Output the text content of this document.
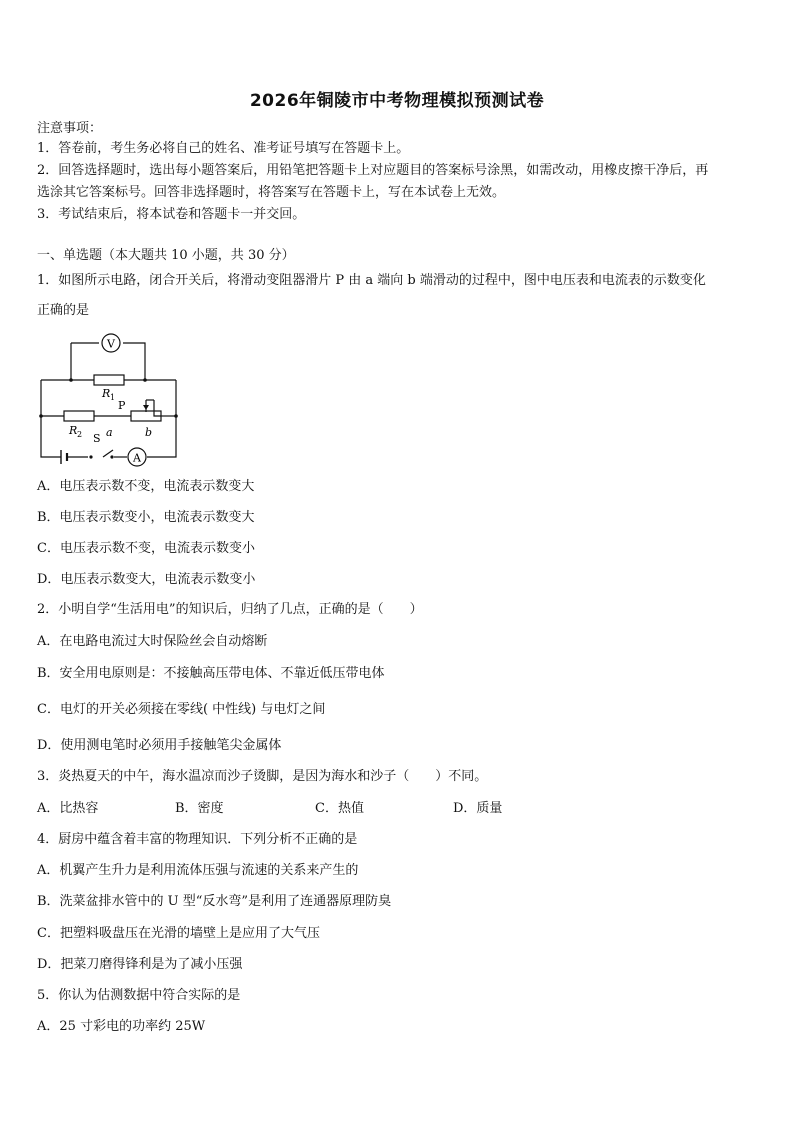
2026年铜陵市中考物理模拟预测试卷
注意事项：
1．答卷前，考生务必将自己的姓名、准考证号填写在答题卡上。
2．回答选择题时，选出每小题答案后，用铅笔把答题卡上对应题目的答案标号涂黑，如需改动，用橡皮擦干净后，再
选涂其它答案标号。回答非选择题时，将答案写在答题卡上，写在本试卷上无效。
3．考试结束后，将本试卷和答题卡一并交回。
一、单选题（本大题共 10 小题，共 30 分）
1．如图所示电路，闭合开关后，将滑动变阻器滑片 P 由 a 端向 b 端滑动的过程中，图中电压表和电流表的示数变化
正确的是
V
A
R 1
R 2
P
S a	b
A．电压表示数不变，电流表示数变大
B．电压表示数变小，电流表示数变大
C．电压表示数不变，电流表示数变小
D．电压表示数变大，电流表示数变小
2．小明自学“生活用电”的知识后，归纳了几点，正确的是（　　）
A．在电路电流过大时保险丝会自动熔断
B．安全用电原则是：不接触高压带电体、不靠近低压带电体
C．电灯的开关必须接在零线( 中性线) 与电灯之间
D．使用测电笔时必须用手接触笔尖金属体
3．炎热夏天的中午，海水温凉而沙子烫脚，是因为海水和沙子（　　）不同。
A．比热容	B．密度	C．热值	D．质量
4．厨房中蕴含着丰富的物理知识．下列分析不正确的是
A．机翼产生升力是利用流体压强与流速的关系来产生的
B．洗菜盆排水管中的 U 型“反水弯”是利用了连通器原理防臭
C．把塑料吸盘压在光滑的墙壁上是应用了大气压
D．把菜刀磨得锋利是为了减小压强
5．你认为估测数据中符合实际的是
A．25 寸彩电的功率约 25W
